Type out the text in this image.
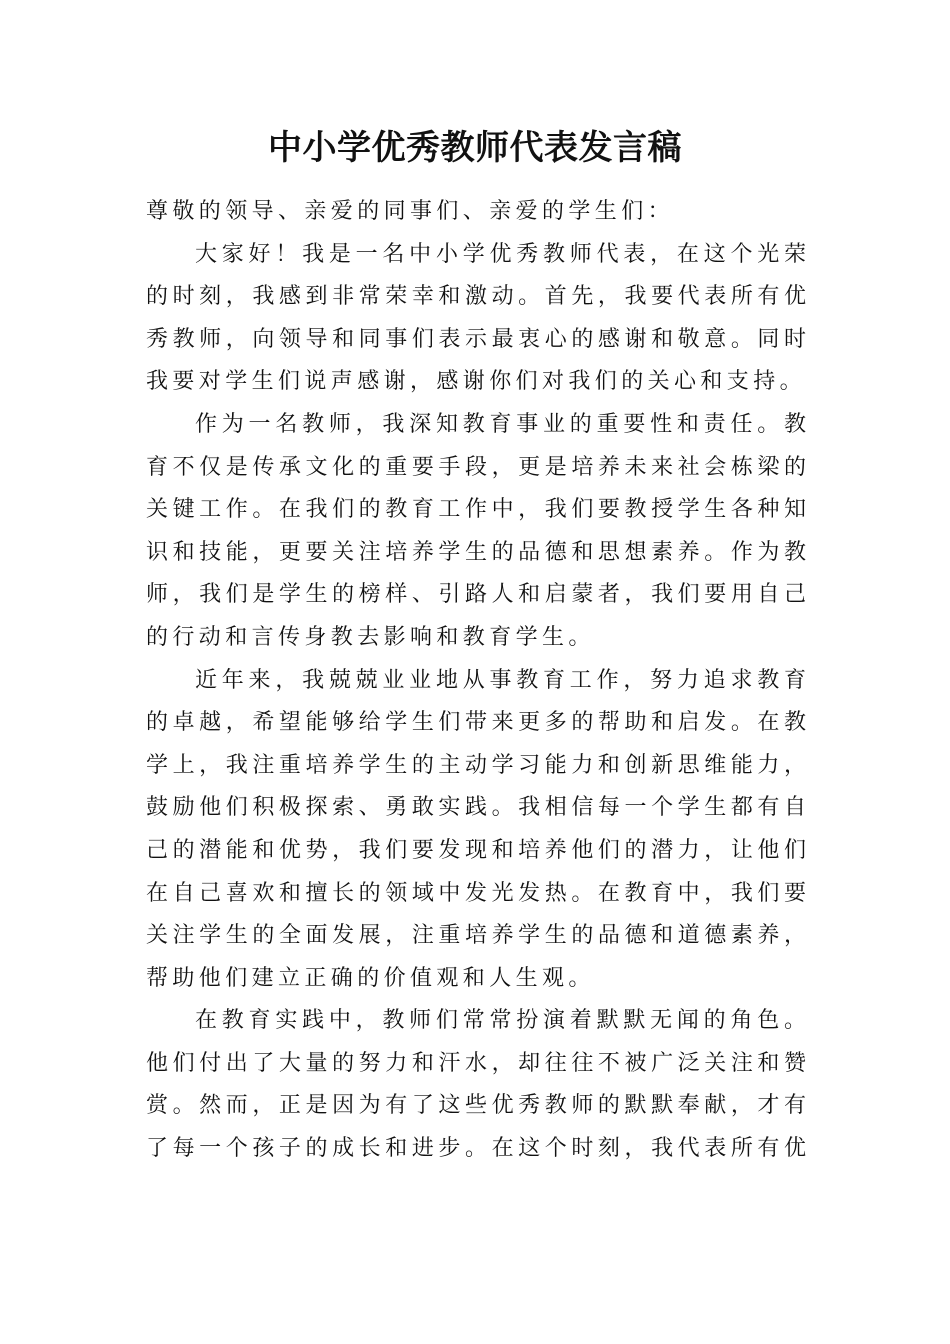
中小学优秀教师代表发言稿
尊敬的领导、亲爱的同事们、亲爱的学生们：
大家好！我是一名中小学优秀教师代表，在这个光荣
的时刻，我感到非常荣幸和激动。首先，我要代表所有优
秀教师，向领导和同事们表示最衷心的感谢和敬意。同时
我要对学生们说声感谢，感谢你们对我们的关心和支持。
作为一名教师，我深知教育事业的重要性和责任。教
育不仅是传承文化的重要手段，更是培养未来社会栋梁的
关键工作。在我们的教育工作中，我们要教授学生各种知
识和技能，更要关注培养学生的品德和思想素养。作为教
师，我们是学生的榜样、引路人和启蒙者，我们要用自己
的行动和言传身教去影响和教育学生。
近年来，我兢兢业业地从事教育工作，努力追求教育
的卓越，希望能够给学生们带来更多的帮助和启发。在教
学上，我注重培养学生的主动学习能力和创新思维能力，
鼓励他们积极探索、勇敢实践。我相信每一个学生都有自
己的潜能和优势，我们要发现和培养他们的潜力，让他们
在自己喜欢和擅长的领域中发光发热。在教育中，我们要
关注学生的全面发展，注重培养学生的品德和道德素养，
帮助他们建立正确的价值观和人生观。
在教育实践中，教师们常常扮演着默默无闻的角色。
他们付出了大量的努力和汗水，却往往不被广泛关注和赞
赏。然而，正是因为有了这些优秀教师的默默奉献，才有
了每一个孩子的成长和进步。在这个时刻，我代表所有优
